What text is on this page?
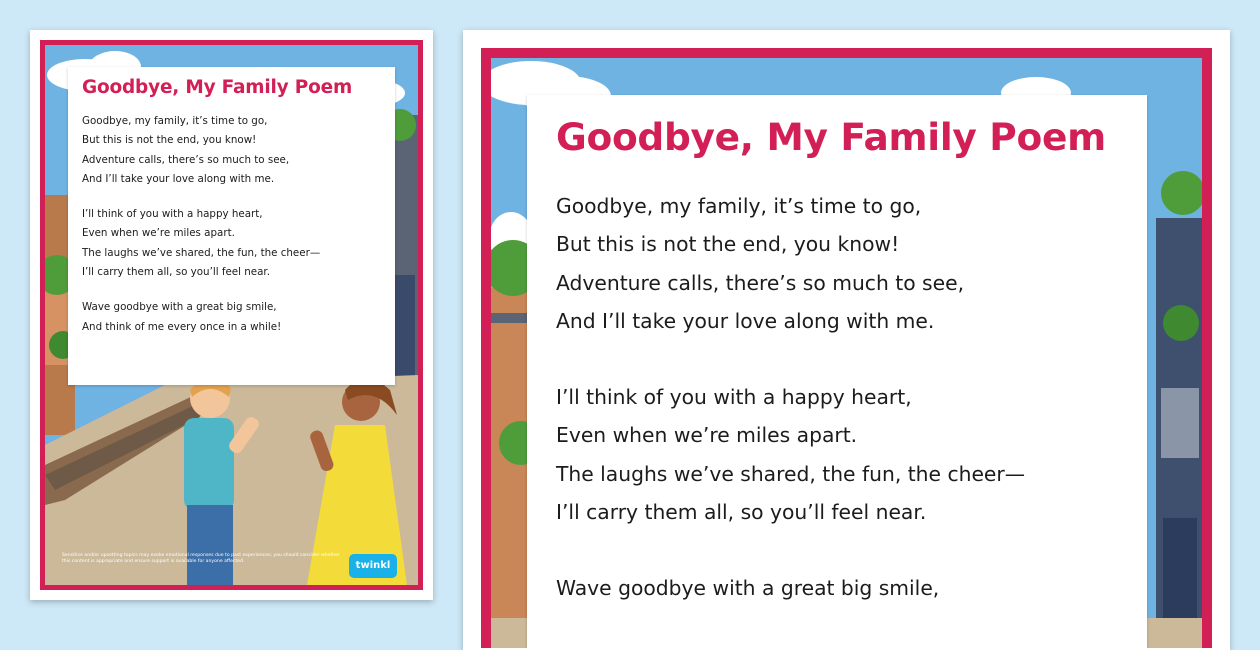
Goodbye, My Family Poem

Goodbye, my family, it’s time to go,

But this is not the end, you know!

Adventure calls, there’s so much to see,

And I’ll take your love along with me.

I’ll think of you with a happy heart,

Even when we’re miles apart.

The laughs we’ve shared, the fun, the cheer—

I’ll carry them all, so you’ll feel near.

Wave goodbye with a great big smile,

And think of me every once in a while!

Sensitive and/or upsetting topics may evoke emotional responses due to past experiences; you should consider whether this content is appropriate and ensure support is available for anyone affected.	twinkl
Goodbye, My Family Poem

Goodbye, my family, it’s time to go,

But this is not the end, you know!

Adventure calls, there’s so much to see,

And I’ll take your love along with me.

I’ll think of you with a happy heart,

Even when we’re miles apart.

The laughs we’ve shared, the fun, the cheer—

I’ll carry them all, so you’ll feel near.

Wave goodbye with a great big smile,
